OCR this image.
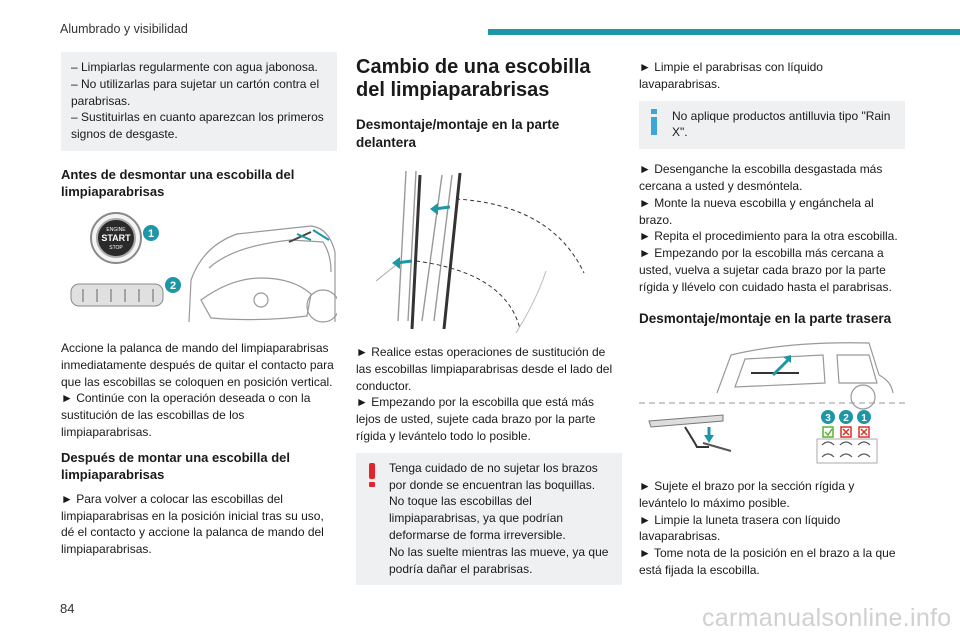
Alumbrado y visibilidad

– Limpiarlas regularmente con agua jabonosa.

– No utilizarlas para sujetar un cartón contra el parabrisas.

– Sustituirlas en cuanto aparezcan los primeros signos de desgaste.

Antes de desmontar una escobilla del limpiaparabrisas
ENGINE
START
STOP
1
2

Accione la palanca de mando del limpiaparabrisas inmediatamente después de quitar el contacto para que las escobillas se coloquen en posición vertical.

► Continúe con la operación deseada o con la sustitución de las escobillas de los limpiaparabrisas.

Después de montar una escobilla del limpiaparabrisas

► Para volver a colocar las escobillas del limpiaparabrisas en la posición inicial tras su uso, dé el contacto y accione la palanca de mando del limpiaparabrisas.

Cambio de una escobilla del limpiaparabrisas
Desmontaje/montaje en la parte delantera

► Realice estas operaciones de sustitución de las escobillas limpiaparabrisas desde el lado del conductor.

► Empezando por la escobilla que está más lejos de usted, sujete cada brazo por la parte rígida y levántelo todo lo posible.

Tenga cuidado de no sujetar los brazos por donde se encuentran las boquillas.

No toque las escobillas del limpiaparabrisas, ya que podrían deformarse de forma irreversible.

No las suelte mientras las mueve, ya que podría dañar el parabrisas.

► Limpie el parabrisas con líquido lavaparabrisas.

No aplique productos antilluvia tipo "Rain X".

► Desenganche la escobilla desgastada más cercana a usted y desmóntela.

► Monte la nueva escobilla y engánchela al brazo.

► Repita el procedimiento para la otra escobilla.

► Empezando por la escobilla más cercana a usted, vuelva a sujetar cada brazo por la parte rígida y llévelo con cuidado hasta el parabrisas.

Desmontaje/montaje en la parte trasera
3 2 1

► Sujete el brazo por la sección rígida y levántelo lo máximo posible.

► Limpie la luneta trasera con líquido lavaparabrisas.

► Tome nota de la posición en el brazo a la que está fijada la escobilla.

84	carmanualsonline.info
